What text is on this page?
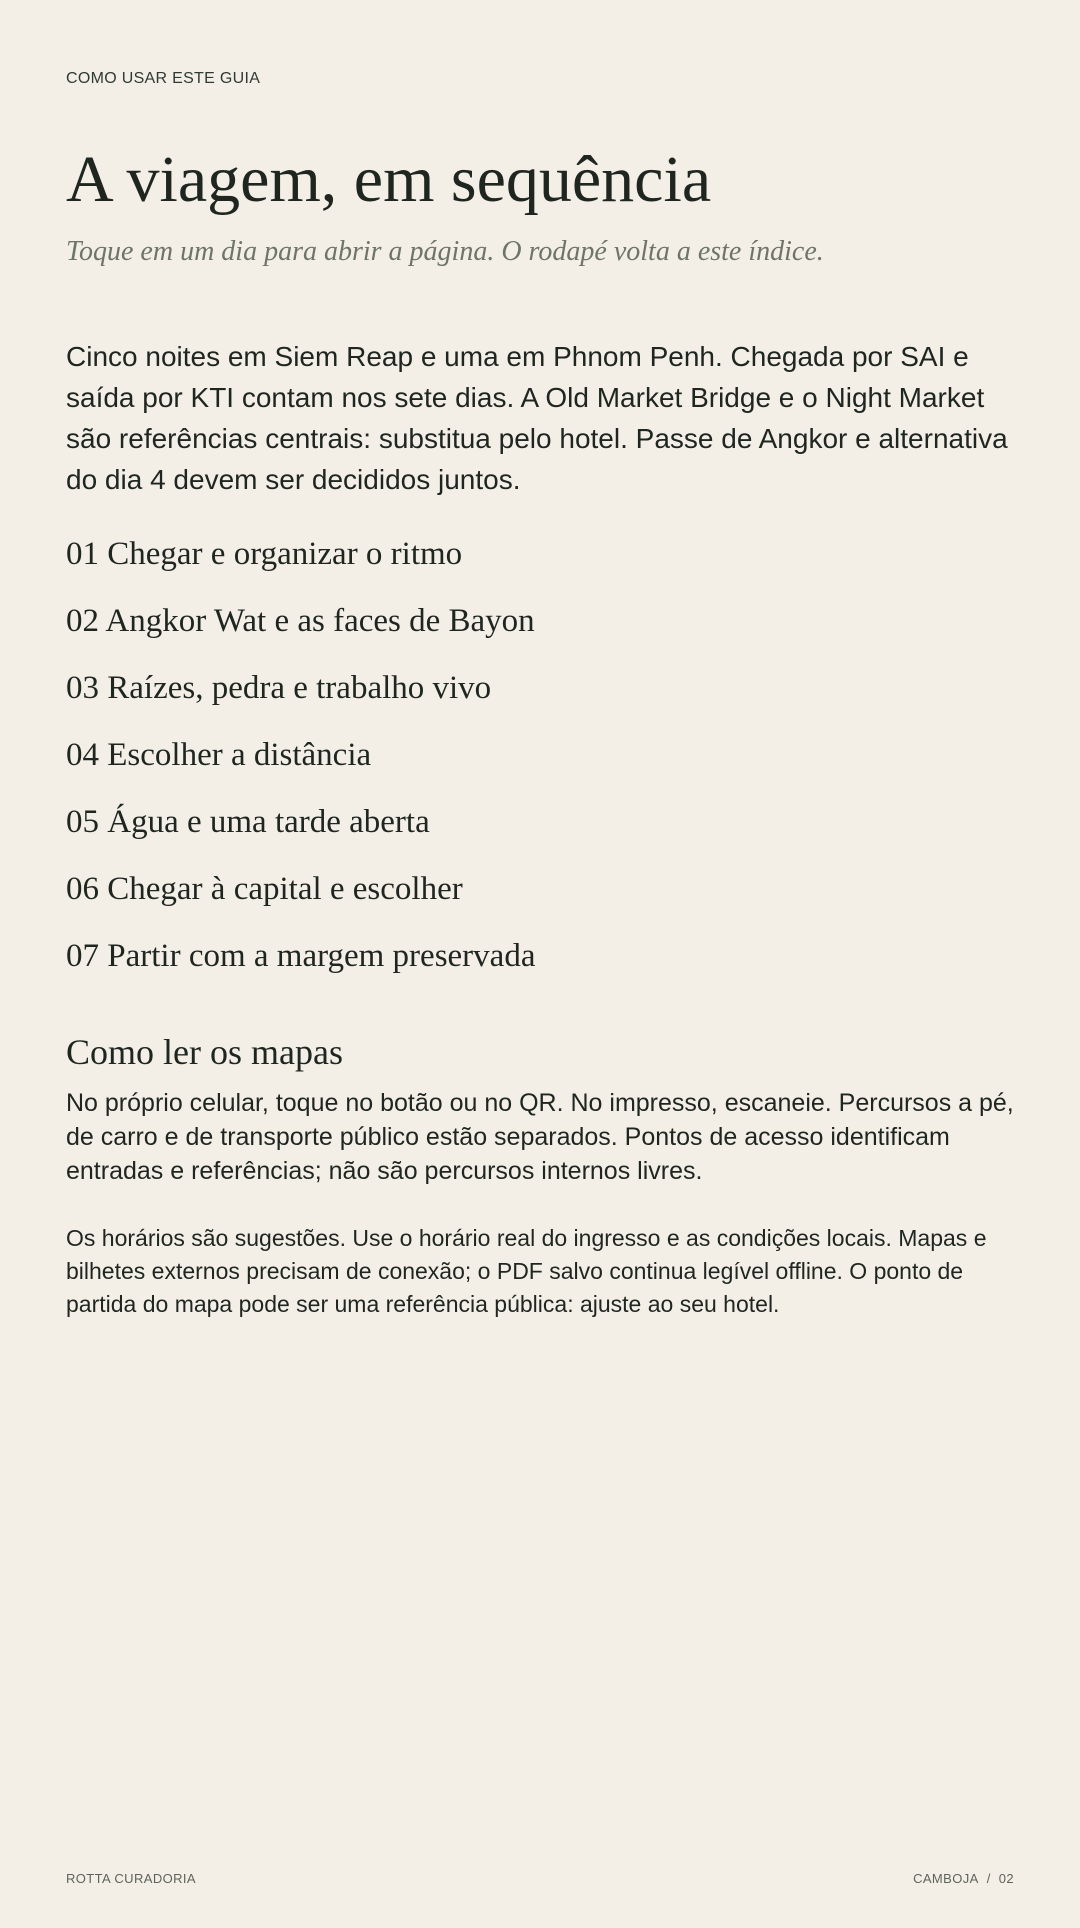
COMO USAR ESTE GUIA
A viagem, em sequência

Toque em um dia para abrir a página. O rodapé volta a este índice.

Cinco noites em Siem Reap e uma em Phnom Penh. Chegada por SAI e saída por KTI contam nos sete dias. A Old Market Bridge e o Night Market são referências centrais: substitua pelo hotel. Passe de Angkor e alternativa do dia 4 devem ser decididos juntos.

01 Chegar e organizar o ritmo
02 Angkor Wat e as faces de Bayon
03 Raízes, pedra e trabalho vivo
04 Escolher a distância
05 Água e uma tarde aberta
06 Chegar à capital e escolher
07 Partir com a margem preservada
Como ler os mapas

No próprio celular, toque no botão ou no QR. No impresso, escaneie. Percursos a pé, de carro e de transporte público estão separados. Pontos de acesso identificam entradas e referências; não são percursos internos livres.

Os horários são sugestões. Use o horário real do ingresso e as condições locais. Mapas e bilhetes externos precisam de conexão; o PDF salvo continua legível offline. O ponto de partida do mapa pode ser uma referência pública: ajuste ao seu hotel.

ROTTA CURADORIA	CAMBOJA / 02
